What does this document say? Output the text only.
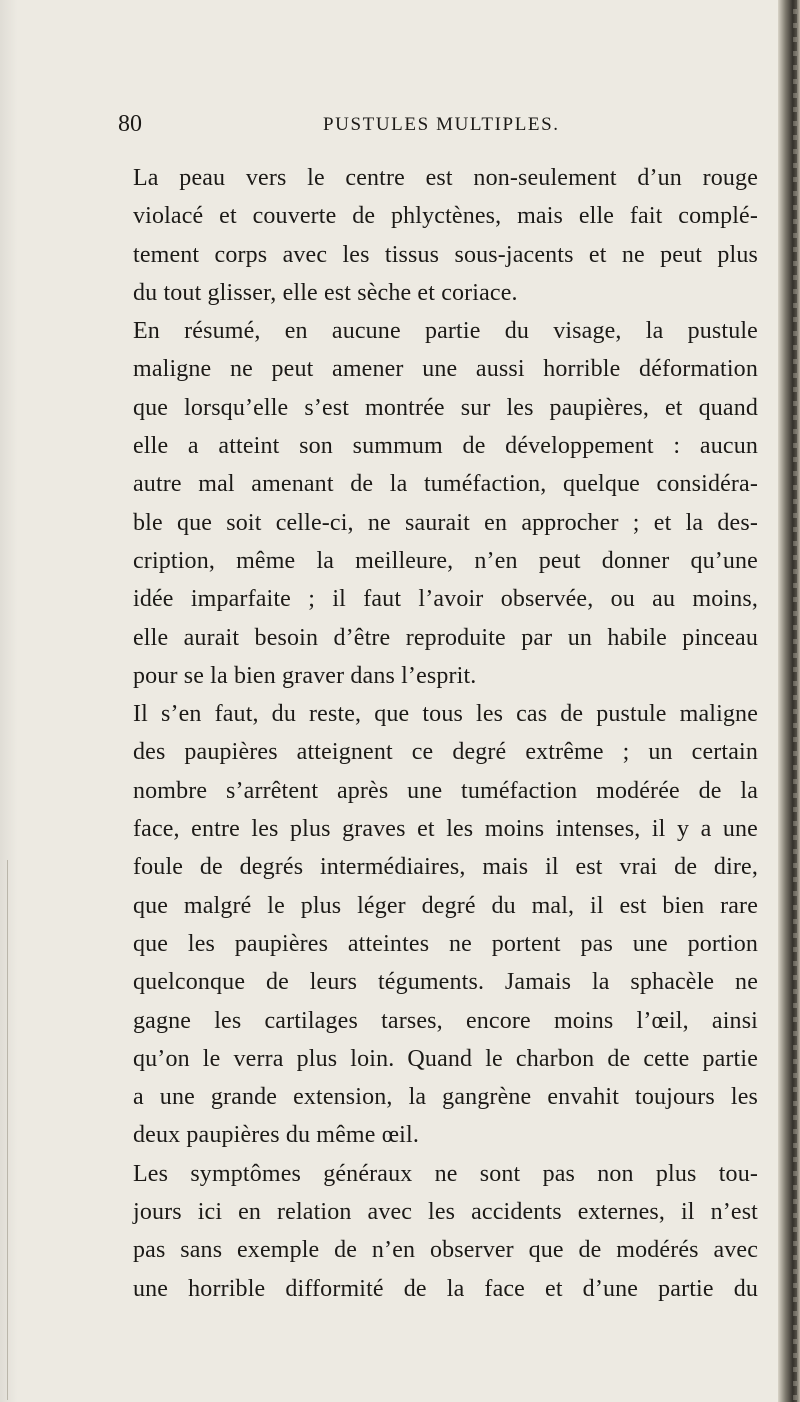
80	PUSTULES MULTIPLES.
La peau vers le centre est non-seulement d’un rouge
violacé et couverte de phlyctènes, mais elle fait complé-
tement corps avec les tissus sous-jacents et ne peut plus
du tout glisser, elle est sèche et coriace.
En résumé, en aucune partie du visage, la pustule
maligne ne peut amener une aussi horrible déformation
que lorsqu’elle s’est montrée sur les paupières, et quand
elle a atteint son summum de développement : aucun
autre mal amenant de la tuméfaction, quelque considéra-
ble que soit celle-ci, ne saurait en approcher ; et la des-
cription, même la meilleure, n’en peut donner qu’une
idée imparfaite ; il faut l’avoir observée, ou au moins,
elle aurait besoin d’être reproduite par un habile pinceau
pour se la bien graver dans l’esprit.
Il s’en faut, du reste, que tous les cas de pustule maligne
des paupières atteignent ce degré extrême ; un certain
nombre s’arrêtent après une tuméfaction modérée de la
face, entre les plus graves et les moins intenses, il y a une
foule de degrés intermédiaires, mais il est vrai de dire,
que malgré le plus léger degré du mal, il est bien rare
que les paupières atteintes ne portent pas une portion
quelconque de leurs téguments. Jamais la sphacèle ne
gagne les cartilages tarses, encore moins l’œil, ainsi
qu’on le verra plus loin. Quand le charbon de cette partie
a une grande extension, la gangrène envahit toujours les
deux paupières du même œil.
Les symptômes généraux ne sont pas non plus tou-
jours ici en relation avec les accidents externes, il n’est
pas sans exemple de n’en observer que de modérés avec
une horrible difformité de la face et d’une partie du
